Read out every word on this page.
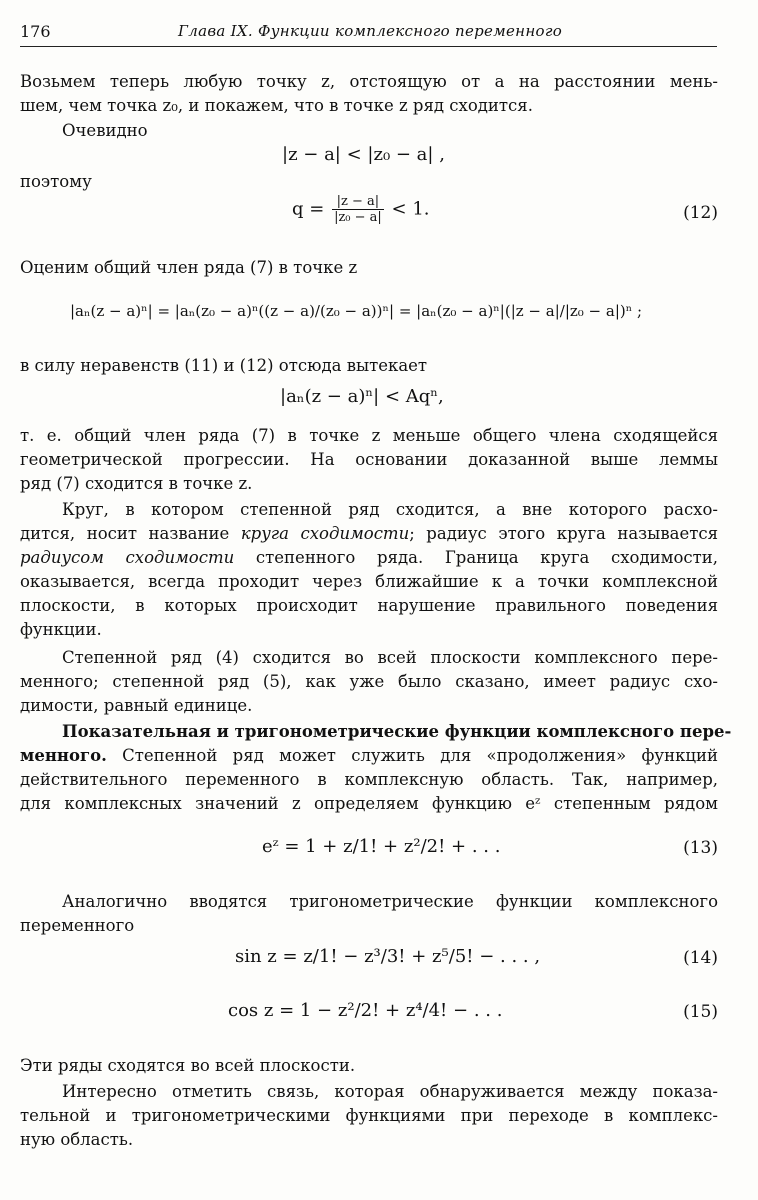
176	Глава IX. Функции комплексного переменного
Возьмем теперь любую точку z, отстоящую от a на расстоянии мень-
шем, чем точка z₀, и покажем, что в точке z ряд сходится.
Очевидно
|z − a| < |z₀ − a| ,
поэтому
$q = \frac{|z - a|}{\text{|z₀ − a|}} < 1$.	(12)
Оценим общий член ряда (7) в точке z
|aₙ(z − a)ⁿ| = |aₙ(z₀ − a)ⁿ((z − a)/(z₀ − a))ⁿ| = |aₙ(z₀ − a)ⁿ|(|z − a|/|z₀ − a|)ⁿ ;
в силу неравенств (11) и (12) отсюда вытекает
|aₙ(z − a)ⁿ| < Aqⁿ,
т. е. общий член ряда (7) в точке z меньше общего члена сходящейся
геометрической прогрессии. На основании доказанной выше леммы
ряд (7) сходится в точке z.
Круг, в котором степенной ряд сходится, а вне которого расхо-
дится, носит название круга сходимости; радиус этого круга называется
радиусом сходимости степенного ряда. Граница круга сходимости,
оказывается, всегда проходит через ближайшие к a точки комплексной
плоскости, в которых происходит нарушение правильного поведения
функции.
Степенной ряд (4) сходится во всей плоскости комплексного пере-
менного; степенной ряд (5), как уже было сказано, имеет радиус схо-
димости, равный единице.
Показательная и тригонометрические функции комплексного пере-
менного. Степенной ряд может служить для «продолжения» функций
действительного переменного в комплексную область. Так, например,
для комплексных значений z определяем функцию eᶻ степенным рядом
eᶻ = 1 + z/1! + z²/2! + . . .	(13)
Аналогично вводятся тригонометрические функции комплексного
переменного
sin z = z/1! − z³/3! + z⁵/5! − . . . ,	(14)
cos z = 1 − z²/2! + z⁴/4! − . . .	(15)
Эти ряды сходятся во всей плоскости.
Интересно отметить связь, которая обнаруживается между показа-
тельной и тригонометрическими функциями при переходе в комплекс-
ную область.
